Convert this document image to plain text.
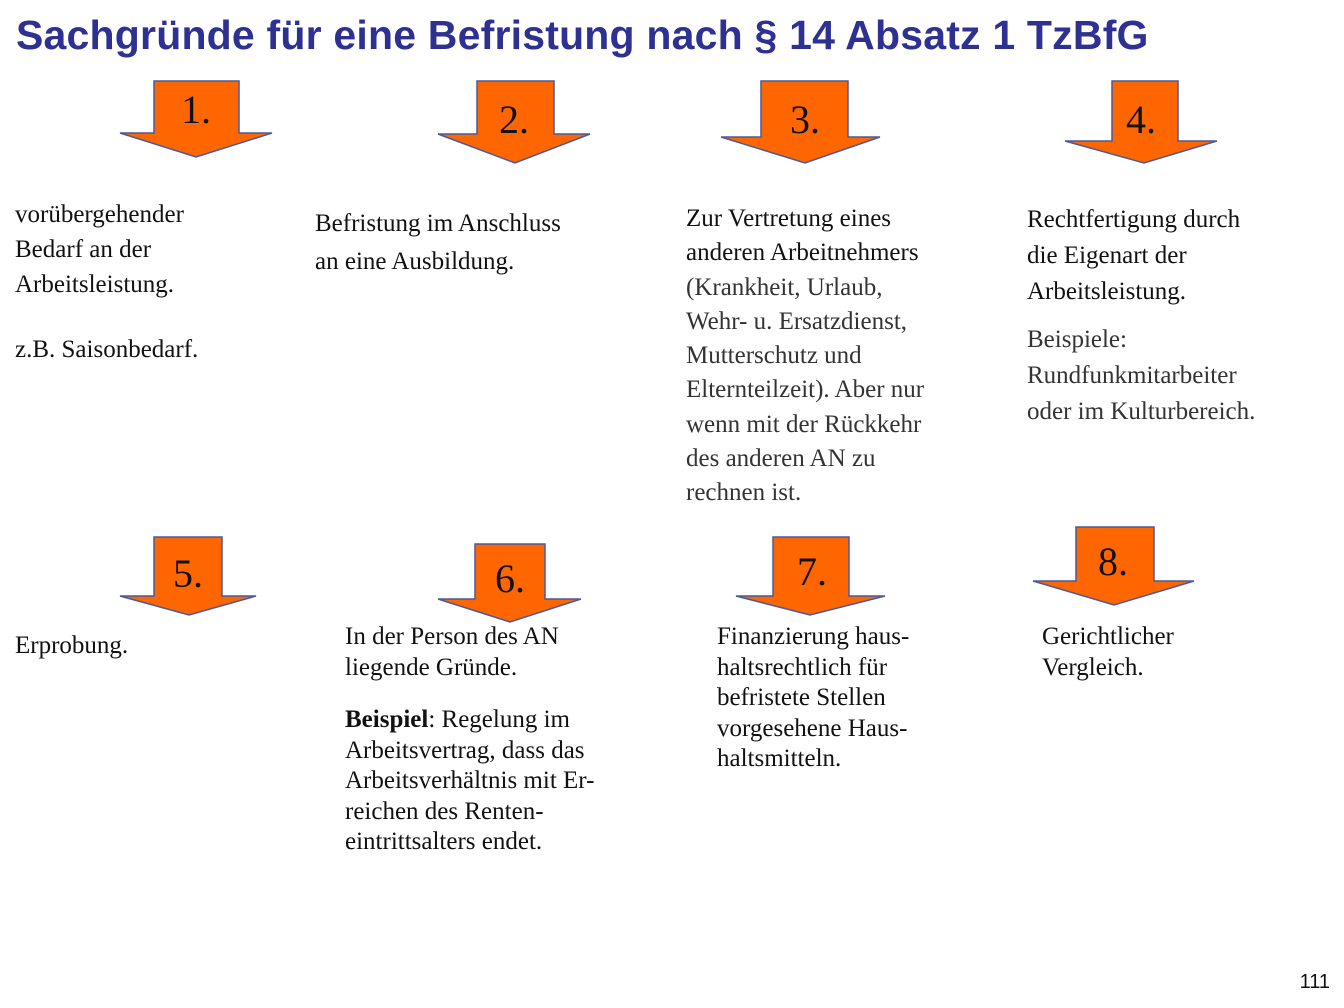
Sachgründe für eine Befristung nach § 14 Absatz 1 TzBfG
1.	2.	3.	4.
5.	6.	7.	8.
vorübergehender
Bedarf an der
Arbeitsleistung.
z.B. Saisonbedarf.
Befristung im Anschluss
an eine Ausbildung.
Zur Vertretung eines
anderen Arbeitnehmers
(Krankheit, Urlaub,
Wehr- u. Ersatzdienst,
Mutterschutz und
Elternteilzeit). Aber nur
wenn mit der Rückkehr
des anderen AN zu
rechnen ist.
Rechtfertigung durch
die Eigenart der
Arbeitsleistung.
Beispiele:
Rundfunkmitarbeiter
oder im Kulturbereich.
Erprobung.	In der Person des AN
liegende Gründe.
Beispiel: Regelung im
Arbeitsvertrag, dass das
Arbeitsverhältnis mit Er-
reichen des Renten-
eintrittsalters endet.
Finanzierung haus-
haltsrechtlich für
befristete Stellen
vorgesehene Haus-
haltsmitteln.
Gerichtlicher
Vergleich.
111
